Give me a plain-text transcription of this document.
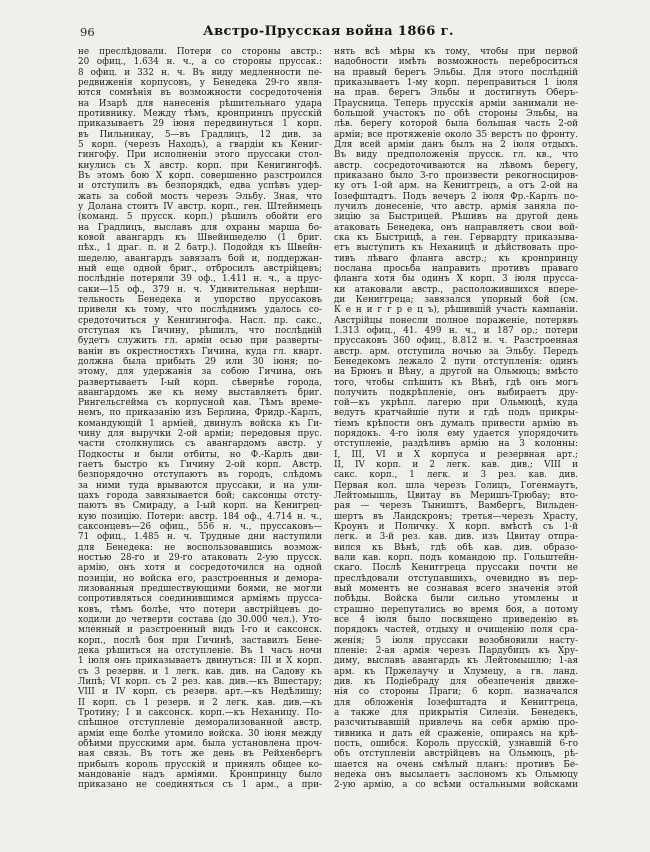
96	Австро-Прусская война 1866 г.
не преслѣдовали. Потери со стороны австр.:
20 офиц., 1.634 н. ч., а со стороны пруссак.:
8 офиц. и 332 н. ч. Въ виду медленности пе-
редвиженія корпусовъ, у Бенедека 29-го явля-
ются сомнѣнія въ возможности сосредоточенія
на Изарѣ для нанесенія рѣшительнаго удара
противнику. Между тѣмъ, кронпринцъ прусскій
приказываетъ 29 іюня передвинуться 1 корп.
въ Пильникау, 5—въ Градлицъ, 12 див. за
5 корп. (черезъ Находъ), а гвардіи къ Кениг-
гингофу. При исполненіи этого пруссаки стол-
кнулись съ X австр. корп. при Кенигингофѣ.
Въ этомъ бою X корп. совершенно разстроился
и отступилъ въ безпорядкѣ, едва успѣвъ удер-
жать за собой мостъ черезъ Эльбу. Зная, что
у Долана стоитъ IV австр. корп., ген. Штейнмецъ
(команд. 5 прусск. корп.) рѣшилъ обойти его
на Градлицъ, выславъ для охраны марша бо-
ковой авангардъ къ Швейншеделю (1 бриг.
пѣх., 1 драг. п. и 2 батр.). Подойдя къ Швейн-
шеделю, авангардъ завязалъ бой и, поддержан-
ный еще одной бриг., отбросилъ австрійцевъ;
послѣдніе потеряли 39 оф., 1.411 н. ч., а прус-
саки—15 оф., 379 н. ч. Удивительная нерѣши-
тельность Бенедека и упорство пруссаковъ
привели къ тому, что послѣднимъ удалось со-
средоточиться у Кенигингофа. Насл. пр. сакс.,
отступая къ Гичину, рѣшилъ, что послѣдній
будетъ служить гл. арміи осью при разверты-
ваніи въ окрестностяхъ Гичина, куда гл. кварт.
должна была прибыть 29 или 30 іюня; по-
этому, для удержанія за собою Гичина, онъ
развертываетъ I-ый корп. сѣвернѣе города,
авангардомъ же къ нему выставляетъ бриг.
Рингельсгейма съ корпусной кав. Тѣмъ време-
немъ, по приказанію изъ Берлина, Фридр.-Карлъ,
командующій 1 арміей, двинулъ войска къ Ги-
чину для выручки 2-ой арміи; передовыя прус.
части столкнулись съ авангардомъ австр. у
Подкосты и были отбиты, но Ф.-Карлъ дви-
гаетъ быстро къ Гичину 2-ой корп. Австр.
безпорядочно отступаютъ въ городъ, слѣдомъ
за ними туда врываются пруссаки, и на ули-
цахъ города завязывается бой; саксонцы отсту-
паютъ въ Смираду, а I-ый корп. на Кенигрец-
кую позицію. Потери: австр. 184 оф., 4.714 н. ч.,
саксонцевъ—26 офиц., 556 н. ч., пруссаковъ—
71 офиц., 1.485 н. ч. Трудные дни наступили
для Бенедека: не воспользовавшись возмож-
ностью 28-го и 29-го атаковать 2-ую прусск.
армію, онъ хотя и сосредоточился на одной
позиціи, но войска его, разстроенныя и демора-
лизованныя предшествующими боями, не могли
сопротивляться соединившимся арміямъ прусса-
ковъ, тѣмъ болѣе, что потери австрійцевъ до-
ходили до четверти состава (до 30.000 чел.). Уто-
мленный и разстроенный видъ I-го и саксонск.
корп., послѣ боя при Гичинѣ, заставилъ Бене-
дека рѣшиться на отступленіе. Въ 1 часъ ночи
1 іюля онъ приказываетъ двинуться: III и X корп.
съ 3 резервн. и 1 легк. кав. див. на Садову къ
Липѣ; VI корп. съ 2 рез. кав. див.—къ Вшестару;
VIII и IV корп. съ резерв. арт.—къ Недѣлишу;
II корп. съ 1 резерв. и 2 легк. кав. див.—къ
Тротину; I и саксонск. корп.—къ Неханицу. По-
спѣшное отступленіе деморализованной австр.
арміи еще болѣе утомило войска. 30 іюня между
обѣими прусскими арм. была установлена проч-
ная связь. Въ тотъ же день въ Рейхенбергъ
прибылъ король прусскій и принялъ общее ко-
мандованіе надъ арміями. Кронпринцу было
приказано не соединяться съ 1 арм., а при-
нять всѣ мѣры къ тому, чтобы при первой
надобности имѣть возможность переброситься
на правый берегъ Эльбы. Для этого послѣдній
приказываетъ 1-му корп. переправиться 1 іюля
на прав. берегъ Эльбы и достигнуть Оберъ-
Праусница. Теперь прусскія арміи занимали не-
большой участокъ по обѣ стороны Эльбы, на
лѣв. берегу которой была большая часть 2-ой
арміи; все протяженіе около 35 верстъ по фронту.
Для всей арміи данъ былъ на 2 іюля отдыхъ.
Въ виду предположенія прусск. гл. кв., что
австр. сосредоточиваются на лѣвомъ берегу,
приказано было 3-го произвести рекогносциров-
ку отъ 1-ой арм. на Кениггрецъ, а отъ 2-ой на
Іозефштадтъ. Подъ вечеръ 2 іюля Фр.-Карлъ по-
лучилъ донесеніе, что австр. армія заняла по-
зицію за Быстрицей. Рѣшивъ на другой день
атаковать Бенедека, онъ направляетъ свои вой-
ска къ Быстрицѣ, а ген. Гервардту приказыва-
етъ выступить къ Неханицѣ и дѣйствовать про-
тивъ лѣваго фланга австр.; къ кронпринцу
послана просьба направить противъ праваго
фланга хотя бы одинъ X корп. 3 іюля прусса-
ки атаковали австр., расположившихся впере-
ди Кениггреца; завязался упорный бой (см.
К е н и г г р е ц ъ), рѣшившій участь кампаніи.
Австрійцы понесли полное пораженіе, потерявъ
1.313 офиц., 41. 499 н. ч., и 187 ор.; потери
пруссаковъ 360 офиц., 8.812 н. ч. Разстроенная
австр. арм. отступила ночью за Эльбу. Передъ
Бенедекомъ лежало 2 пути отступленія: одинъ
на Брюнъ и Вѣну, а другой на Ольмюцъ; вмѣсто
того, чтобы спѣшить къ Вѣнѣ, гдѣ онъ могъ
получить подкрѣпленіе, онъ выбираетъ дру-
гой—къ укрѣпл. лагерю при Ольмюцѣ, куда
ведутъ кратчайшіе пути и гдѣ подъ прикры-
тіемъ крѣпости онъ думалъ привести армію въ
порядокъ. 4-го іюля ему удается упорядочить
отступленіе, раздѣливъ армію на 3 колонны:
I, III, VI и X корпуса и резервная арт.;
II, IV корп. и 2 легк. кав. див.; VIII и
сакс. корп., 1 легк. и 3 рез. кав. див.
Первая кол. шла черезъ Голицъ, Гогенмаутъ,
Лейтомышль, Цвитау въ Меришъ-Трюбау; вто-
рая — черезъ Тыништъ, Вамбергъ, Вильден-
шертъ въ Ландскронъ; третья—черезъ Храсту,
Кроунъ и Поличку. X корп. вмѣстѣ съ 1-й
легк. и 3-й рез. кав. див. изъ Цвитау отпра-
вился къ Вѣнѣ, гдѣ обѣ кав. див. образо-
вали кав. корп. подъ командою пр. Гольштейн-
скаго. Послѣ Кениггреца пруссаки почти не
преслѣдовали отступавшихъ, очевидно въ пер-
вый моментъ не сознавая всего значенія этой
побѣды. Войска были сильно утомлены и
страшно перепутались во время боя, а потому
все 4 іюля было посвящено приведенію въ
порядокъ частей, отдыху и очищенію поля сра-
женія; 5 іюля пруссаки возобновили насту-
пленіе: 2-ая армія черезъ Пардубицъ къ Хру-
диму, выславъ авангардъ къ Лейтомышлю; 1-ая
арм. къ Пржелаучу и Хлумецу, а гв. ланд.
див. къ Подіебраду для обезпеченія движе-
нія со стороны Праги; 6 корп. назначался
для обложенія Іозефштадта и Кениггреца,
а также для прикрытія Силезіи. Бенедекъ,
разсчитывавшій привлечь на себя армію про-
тивника и дать ей сраженіе, опираясь на крѣ-
пость, ошибся. Король прусскій, узнавшій 6-го
объ отступленіи австрійцевъ на Ольмюцъ, рѣ-
шается на очень смѣлый планъ: противъ Бе-
недека онъ высылаетъ заслономъ къ Ольмюцу
2-ую армію, а со всѣми остальными войсками
